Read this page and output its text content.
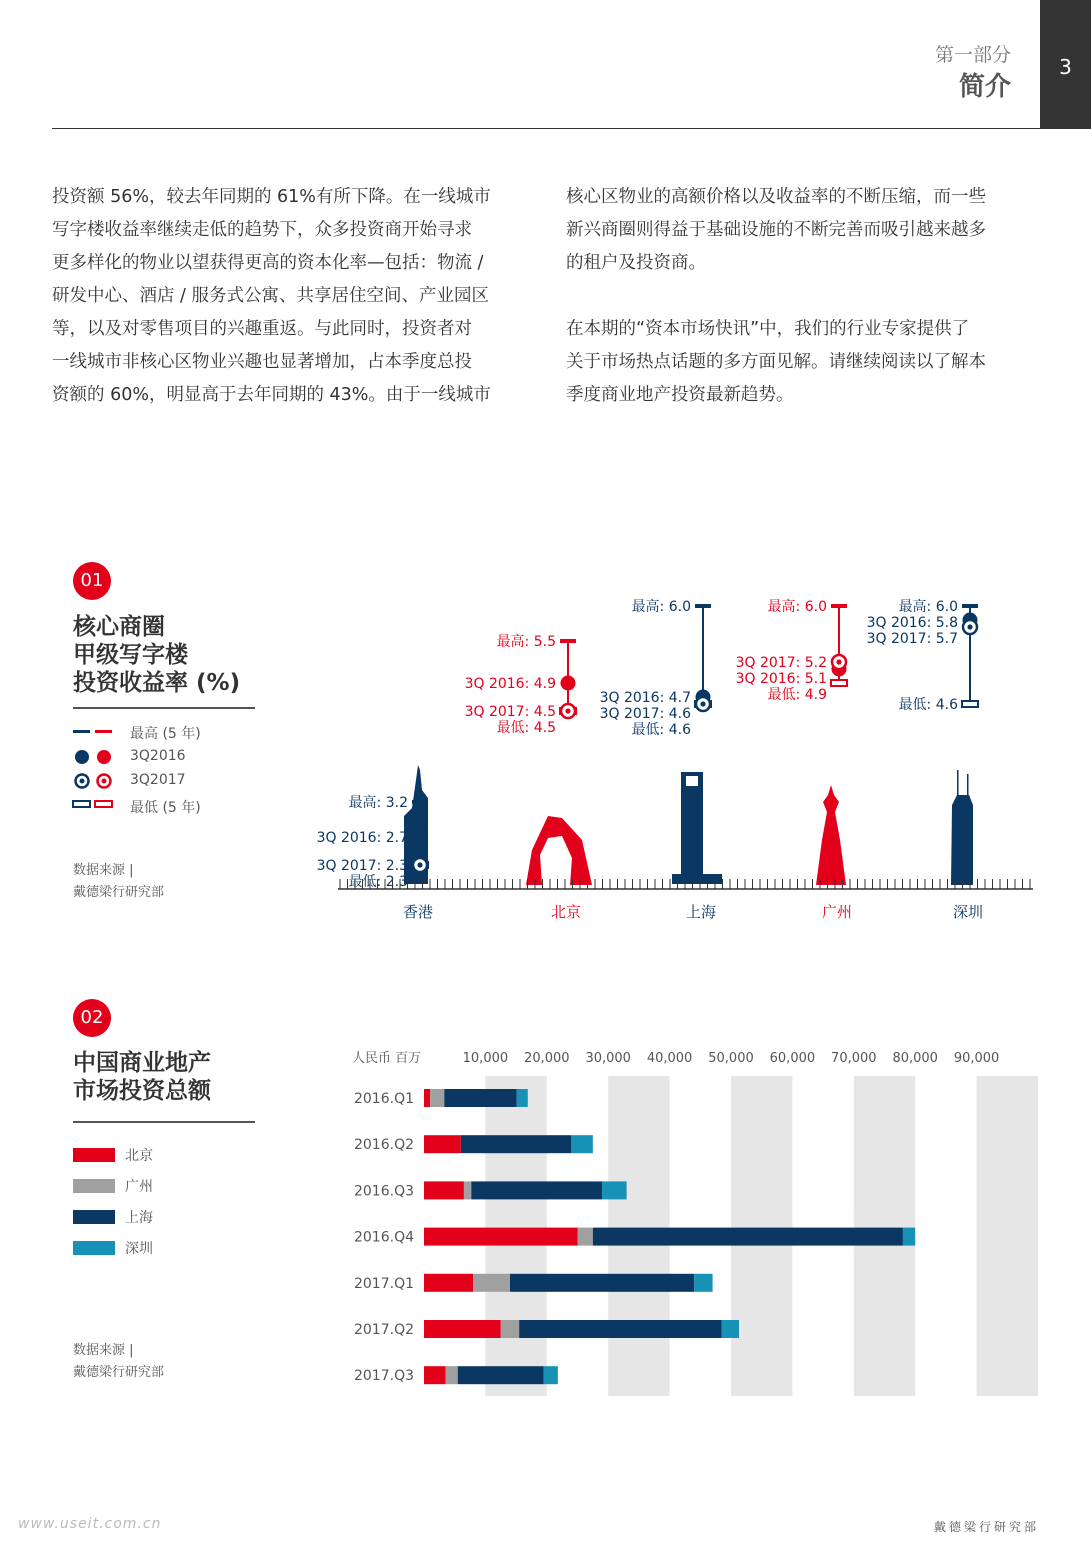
第一部分
简介
3
投资额 56%，较去年同期的 61%有所下降。在一线城市
写字楼收益率继续走低的趋势下，众多投资商开始寻求
更多样化的物业以望获得更高的资本化率—包括：物流 /
研发中心、酒店 / 服务式公寓、共享居住空间、产业园区
等，以及对零售项目的兴趣重返。与此同时，投资者对
一线城市非核心区物业兴趣也显著增加，占本季度总投
资额的 60%，明显高于去年同期的 43%。由于一线城市
核心区物业的高额价格以及收益率的不断压缩，而一些
新兴商圈则得益于基础设施的不断完善而吸引越来越多
的租户及投资商。
在本期的“资本市场快讯”中，我们的行业专家提供了
关于市场热点话题的多方面见解。请继续阅读以了解本
季度商业地产投资最新趋势。
01
核心商圈
甲级写字楼
投资收益率 (%)
最高 (5 年)
3Q2016
3Q2017
最低 (5 年)
数据来源 |
戴德梁行研究部
香港
最高: 3.2
3Q 2016: 2.7
3Q 2017: 2.3
最低: 2.3
北京
最高: 5.5
3Q 2016: 4.9
3Q 2017: 4.5
最低: 4.5
上海
最高: 6.0
3Q 2016: 4.7
3Q 2017: 4.6
最低: 4.6
广州
最高: 6.0
3Q 2017: 5.2
3Q 2016: 5.1
最低: 4.9
深圳
最高: 6.0
3Q 2016: 5.8
3Q 2017: 5.7
最低: 4.6
02
中国商业地产
市场投资总额
北京
广州
上海
深圳
数据来源 |
戴德梁行研究部
人民币 百万	10,000 20,000 30,000 40,000 50,000 60,000 70,000 80,000 90,000
2016.Q1
2016.Q2
2016.Q3
2016.Q4
2017.Q1
2017.Q2
2017.Q3
戴德梁行研究部
www.useit.com.cn
